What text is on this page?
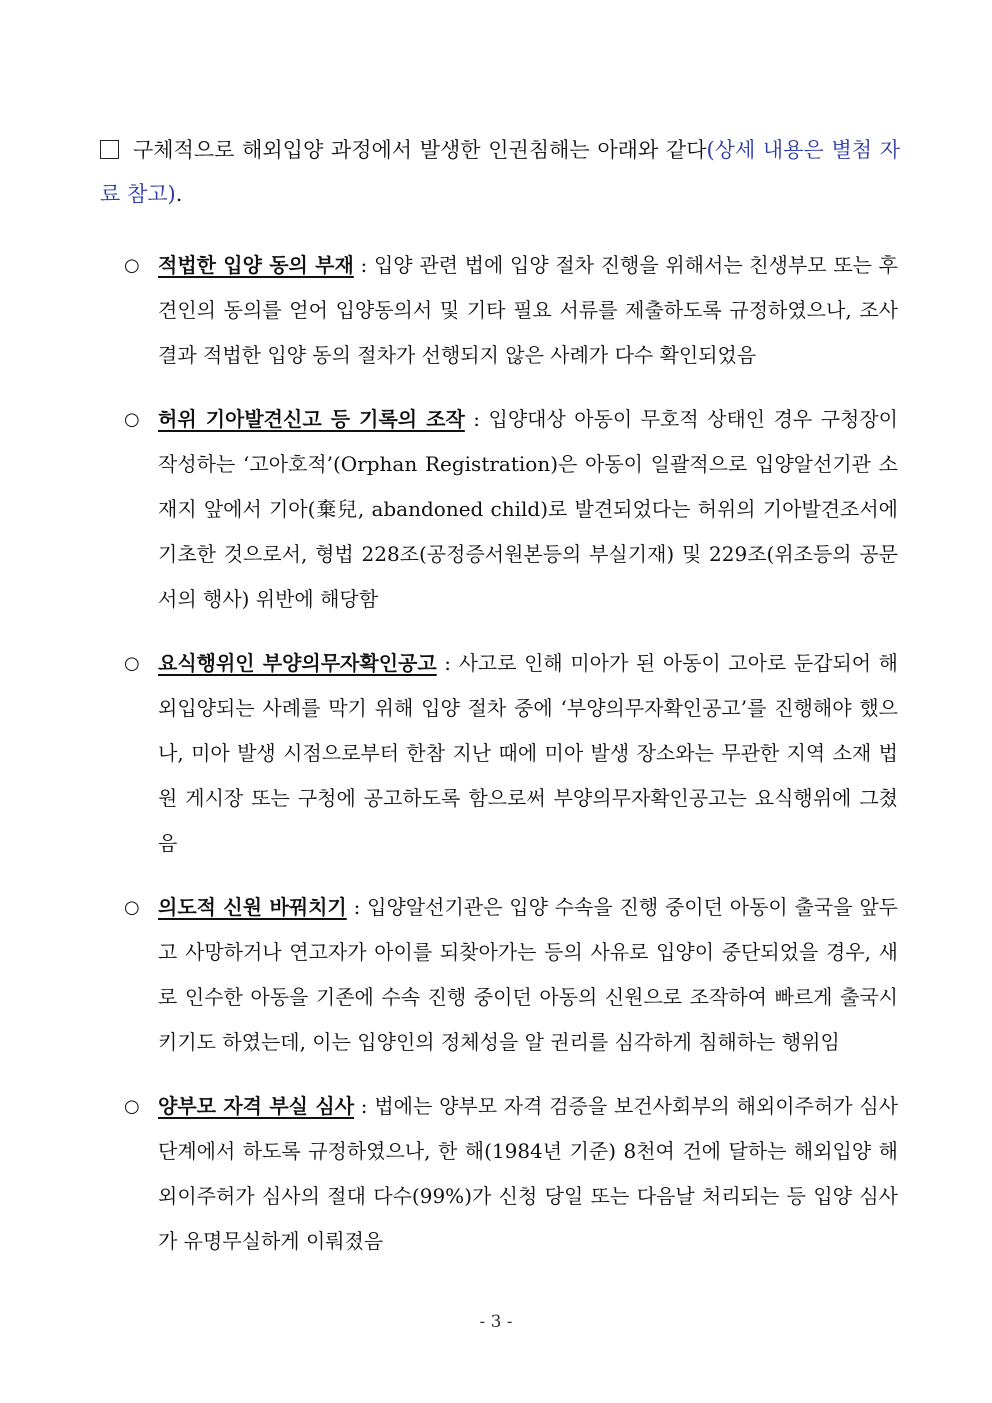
구체적으로 해외입양 과정에서 발생한 인권침해는 아래와 같다(상세 내용은 별첨 자료 참고).
○ 적법한 입양 동의 부재 : 입양 관련 법에 입양 절차 진행을 위해서는 친생부모 또는 후견인의 동의를 얻어 입양동의서 및 기타 필요 서류를 제출하도록 규정하였으나, 조사 결과 적법한 입양 동의 절차가 선행되지 않은 사례가 다수 확인되었음
○ 허위 기아발견신고 등 기록의 조작 : 입양대상 아동이 무호적 상태인 경우 구청장이 작성하는 ‘고아호적’(Orphan Registration)은 아동이 일괄적으로 입양알선기관 소재지 앞에서 기아(棄兒, abandoned child)로 발견되었다는 허위의 기아발견조서에 기초한 것으로서, 형법 228조(공정증서원본등의 부실기재) 및 229조(위조등의 공문서의 행사) 위반에 해당함
○ 요식행위인 부양의무자확인공고 : 사고로 인해 미아가 된 아동이 고아로 둔갑되어 해외입양되는 사례를 막기 위해 입양 절차 중에 ‘부양의무자확인공고’를 진행해야 했으나, 미아 발생 시점으로부터 한참 지난 때에 미아 발생 장소와는 무관한 지역 소재 법원 게시장 또는 구청에 공고하도록 함으로써 부양의무자확인공고는 요식행위에 그쳤음
○ 의도적 신원 바꿔치기 : 입양알선기관은 입양 수속을 진행 중이던 아동이 출국을 앞두고 사망하거나 연고자가 아이를 되찾아가는 등의 사유로 입양이 중단되었을 경우, 새로 인수한 아동을 기존에 수속 진행 중이던 아동의 신원으로 조작하여 빠르게 출국시키기도 하였는데, 이는 입양인의 정체성을 알 권리를 심각하게 침해하는 행위임
○ 양부모 자격 부실 심사 : 법에는 양부모 자격 검증을 보건사회부의 해외이주허가 심사 단계에서 하도록 규정하였으나, 한 해(1984년 기준) 8천여 건에 달하는 해외입양 해외이주허가 심사의 절대 다수(99%)가 신청 당일 또는 다음날 처리되는 등 입양 심사가 유명무실하게 이뤄졌음
- 3 -
